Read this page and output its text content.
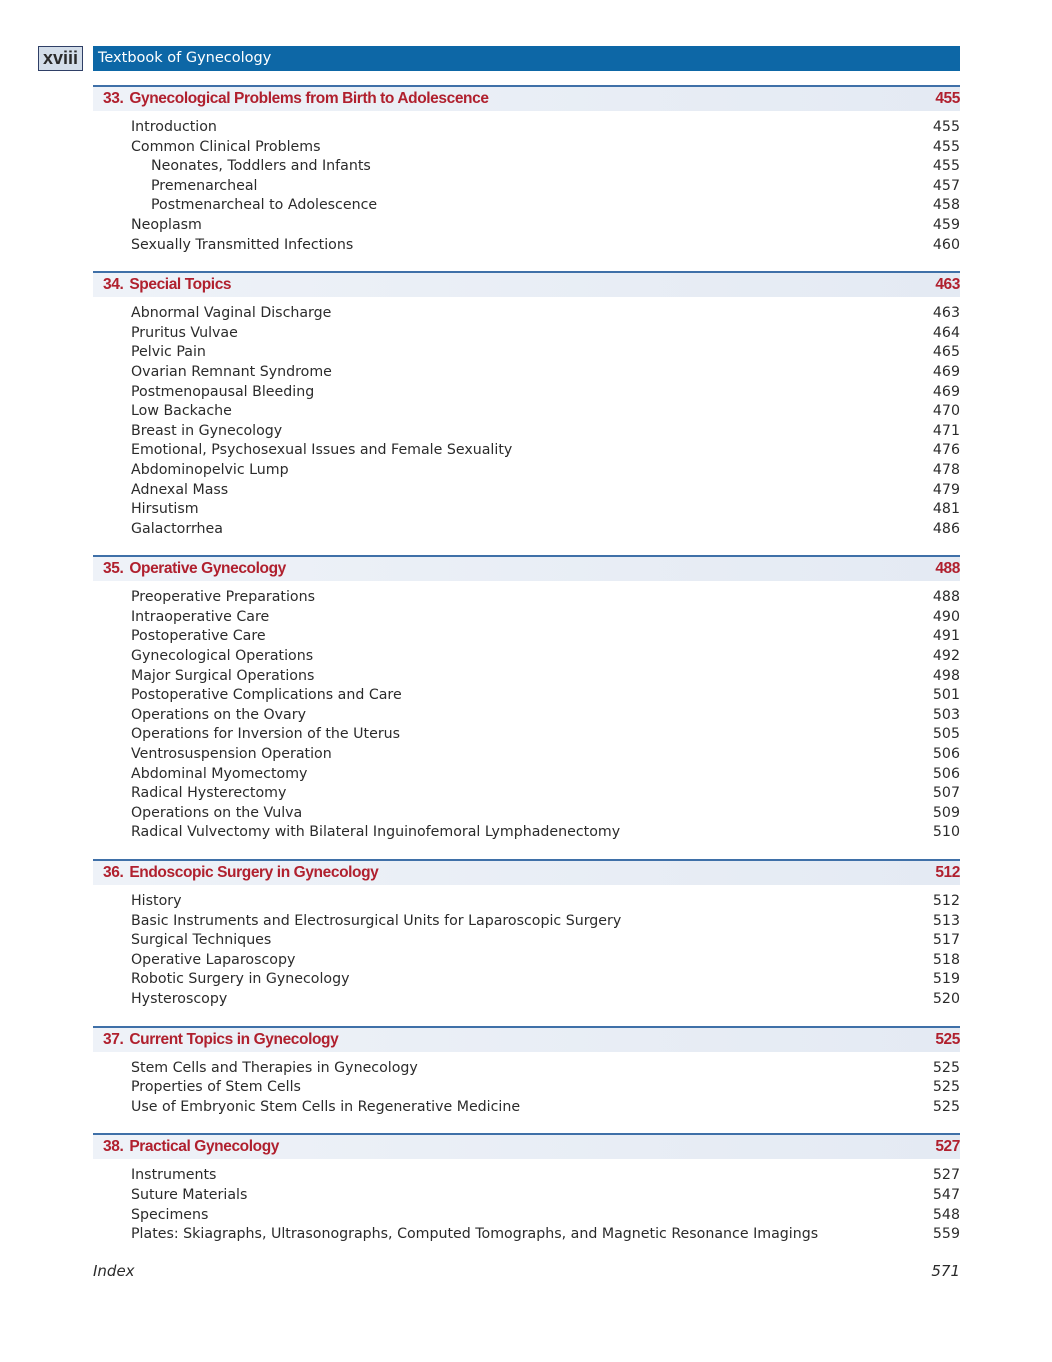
xviii	Textbook of Gynecology
33. Gynecological Problems from Birth to Adolescence	455
Introduction	455
Common Clinical Problems	455
Neonates, Toddlers and Infants	455
Premenarcheal	457
Postmenarcheal to Adolescence	458
Neoplasm	459
Sexually Transmitted Infections	460
34. Special Topics	463
Abnormal Vaginal Discharge	463
Pruritus Vulvae	464
Pelvic Pain	465
Ovarian Remnant Syndrome	469
Postmenopausal Bleeding	469
Low Backache	470
Breast in Gynecology	471
Emotional, Psychosexual Issues and Female Sexuality	476
Abdominopelvic Lump	478
Adnexal Mass	479
Hirsutism	481
Galactorrhea	486
35. Operative Gynecology	488
Preoperative Preparations	488
Intraoperative Care	490
Postoperative Care	491
Gynecological Operations	492
Major Surgical Operations	498
Postoperative Complications and Care	501
Operations on the Ovary	503
Operations for Inversion of the Uterus	505
Ventrosuspension Operation	506
Abdominal Myomectomy	506
Radical Hysterectomy	507
Operations on the Vulva	509
Radical Vulvectomy with Bilateral Inguinofemoral Lymphadenectomy	510
36. Endoscopic Surgery in Gynecology	512
History	512
Basic Instruments and Electrosurgical Units for Laparoscopic Surgery	513
Surgical Techniques	517
Operative Laparoscopy	518
Robotic Surgery in Gynecology	519
Hysteroscopy	520
37. Current Topics in Gynecology	525
Stem Cells and Therapies in Gynecology	525
Properties of Stem Cells	525
Use of Embryonic Stem Cells in Regenerative Medicine	525
38. Practical Gynecology	527
Instruments	527
Suture Materials	547
Specimens	548
Plates: Skiagraphs, Ultrasonographs, Computed Tomographs, and Magnetic Resonance Imagings	559
Index	571
